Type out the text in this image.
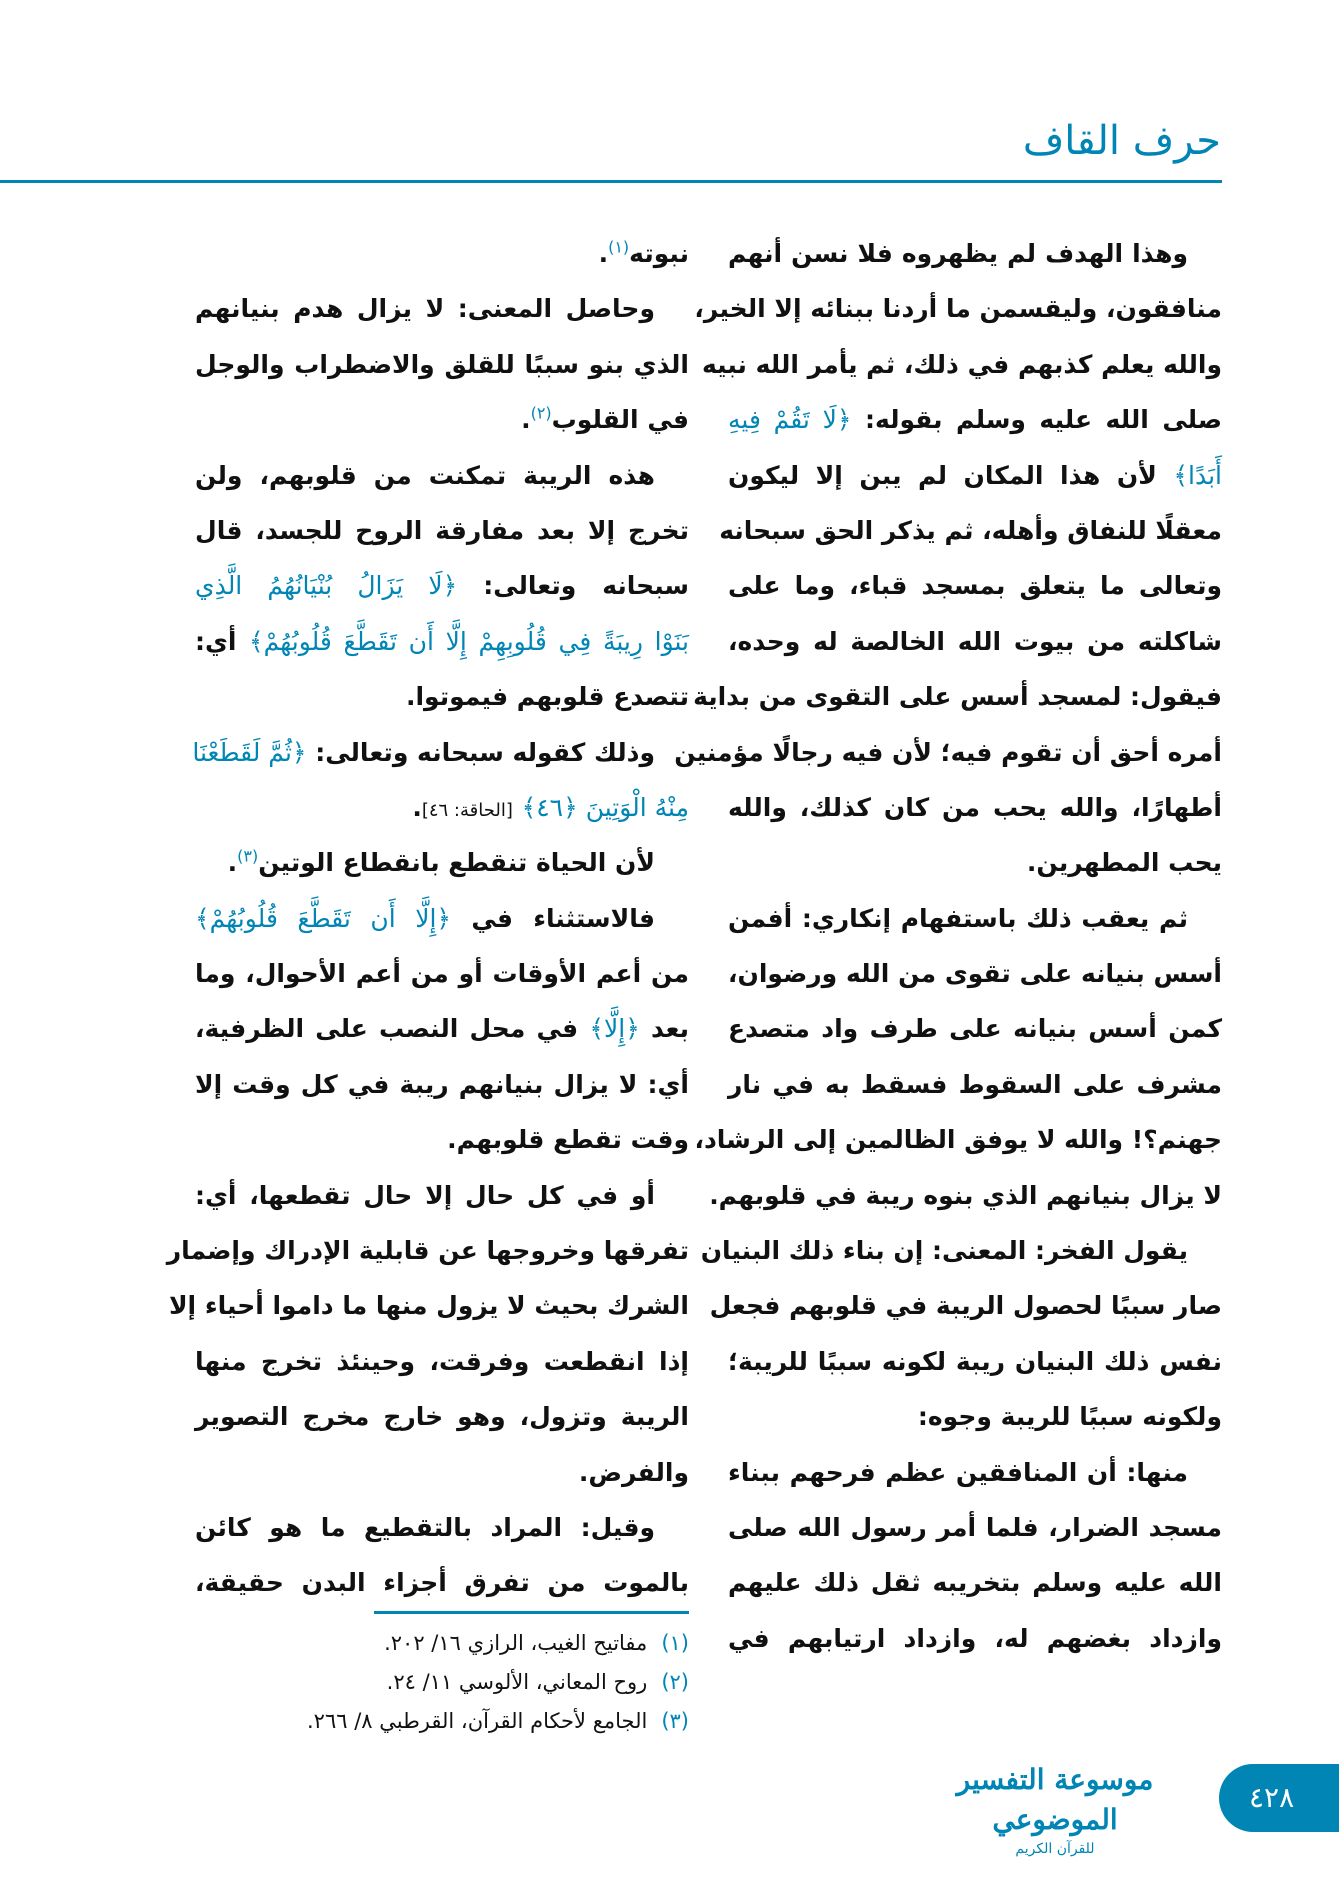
حرف القاف
وهذا الهدف لم يظهروه فلا نسن أنهم
منافقون، وليقسمن ما أردنا ببنائه إلا الخير،
والله يعلم كذبهم في ذلك، ثم يأمر الله نبيه
صلى الله عليه وسلم بقوله: ﴿لَا تَقُمْ فِيهِ
أَبَدًا﴾ لأن هذا المكان لم يبن إلا ليكون
معقلًا للنفاق وأهله، ثم يذكر الحق سبحانه
وتعالى ما يتعلق بمسجد قباء، وما على
شاكلته من بيوت الله الخالصة له وحده،
فيقول: لمسجد أسس على التقوى من بداية
أمره أحق أن تقوم فيه؛ لأن فيه رجالًا مؤمنين
أطهارًا، والله يحب من كان كذلك، والله
يحب المطهرين.
ثم يعقب ذلك باستفهام إنكاري: أفمن
أسس بنيانه على تقوى من الله ورضوان،
كمن أسس بنيانه على طرف واد متصدع
مشرف على السقوط فسقط به في نار
جهنم؟! والله لا يوفق الظالمين إلى الرشاد،
لا يزال بنيانهم الذي بنوه ريبة في قلوبهم.
يقول الفخر: المعنى: إن بناء ذلك البنيان
صار سببًا لحصول الريبة في قلوبهم فجعل
نفس ذلك البنيان ريبة لكونه سببًا للريبة؛
ولكونه سببًا للريبة وجوه:
منها: أن المنافقين عظم فرحهم ببناء
مسجد الضرار، فلما أمر رسول الله صلى
الله عليه وسلم بتخريبه ثقل ذلك عليهم
وازداد بغضهم له، وازداد ارتيابهم في
نبوته$^{(١)}$.
وحاصل المعنى: لا يزال هدم بنيانهم
الذي بنو سببًا للقلق والاضطراب والوجل
في القلوب$^{(٢)}$.
هذه الريبة تمكنت من قلوبهم، ولن
تخرج إلا بعد مفارقة الروح للجسد، قال
سبحانه وتعالى: ﴿لَا يَزَالُ بُنْيَانُهُمُ الَّذِي
بَنَوْا رِيبَةً فِي قُلُوبِهِمْ إِلَّا أَن تَقَطَّعَ قُلُوبُهُمْ﴾ أي:
تتصدع قلوبهم فيموتوا.
وذلك كقوله سبحانه وتعالى: ﴿ثُمَّ لَقَطَعْنَا
مِنْهُ الْوَتِينَ ﴿٤٦﴾ [الحاقة: ٤٦].
لأن الحياة تنقطع بانقطاع الوتين$^{(٣)}$.
فالاستثناء في ﴿إِلَّا أَن تَقَطَّعَ قُلُوبُهُمْ﴾
من أعم الأوقات أو من أعم الأحوال، وما
بعد ﴿إِلَّا﴾ في محل النصب على الظرفية،
أي: لا يزال بنيانهم ريبة في كل وقت إلا
وقت تقطع قلوبهم.
أو في كل حال إلا حال تقطعها، أي:
تفرقها وخروجها عن قابلية الإدراك وإضمار
الشرك بحيث لا يزول منها ما داموا أحياء إلا
إذا انقطعت وفرقت، وحينئذ تخرج منها
الريبة وتزول، وهو خارج مخرج التصوير
والفرض.
وقيل: المراد بالتقطيع ما هو كائن
بالموت من تفرق أجزاء البدن حقيقة،
(١)مفاتيح الغيب، الرازي ١٦/ ٢٠٢.
(٢)روح المعاني، الألوسي ١١/ ٢٤.
(٣)الجامع لأحكام القرآن، القرطبي ٨/ ٢٦٦.
موسوعة التفسير الموضوعي
للقرآن الكريم
٤٢٨
